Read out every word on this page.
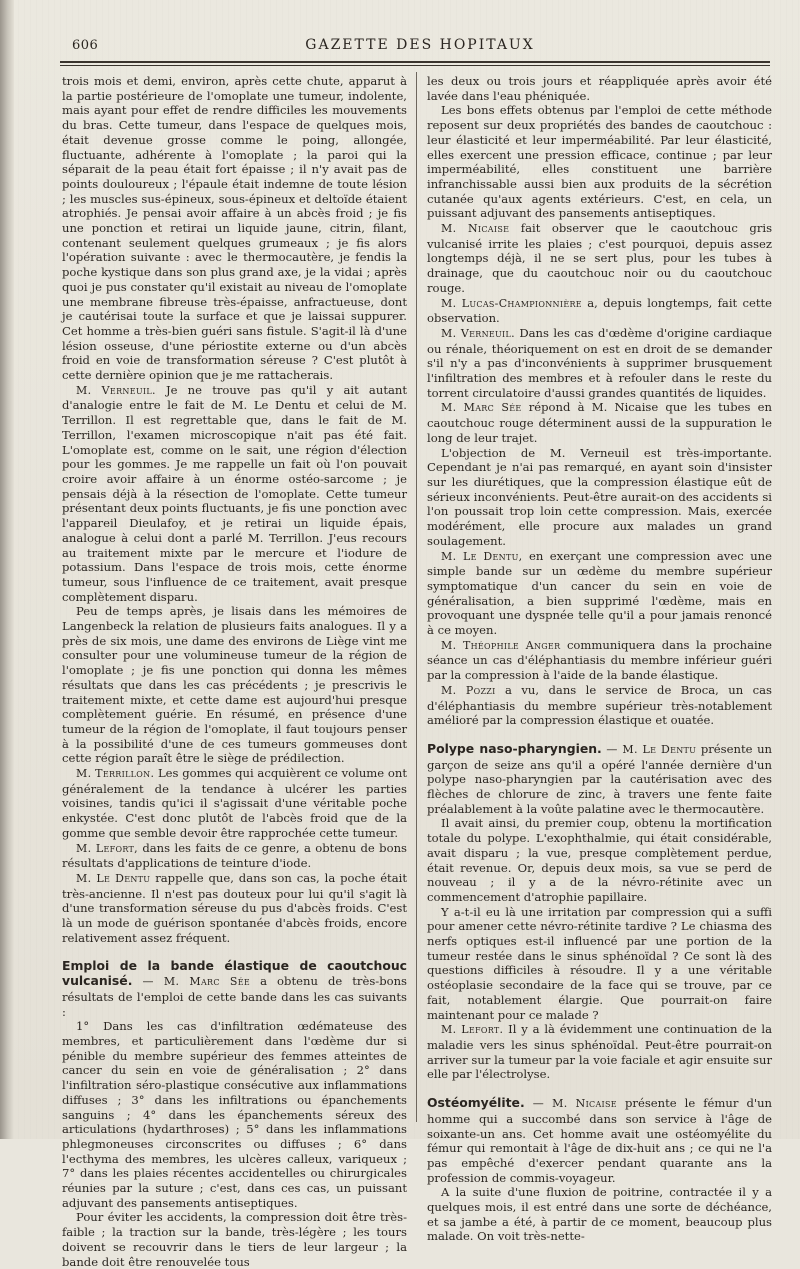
606	GAZETTE DES HOPITAUX

trois mois et demi, environ, après cette chute, apparut à la partie postérieure de l'omoplate une tumeur, indolente, mais ayant pour effet de rendre difficiles les mouvements du bras. Cette tumeur, dans l'espace de quelques mois, était devenue grosse comme le poing, allongée, fluctuante, adhérente à l'omoplate ; la paroi qui la séparait de la peau était fort épaisse ; il n'y avait pas de points douloureux ; l'épaule était indemne de toute lésion ; les muscles sus-épineux, sous-épineux et deltoïde étaient atrophiés. Je pensai avoir affaire à un abcès froid ; je fis une ponction et retirai un liquide jaune, citrin, filant, contenant seulement quelques grumeaux ; je fis alors l'opération suivante : avec le thermocautère, je fendis la poche kystique dans son plus grand axe, je la vidai ; après quoi je pus constater qu'il existait au niveau de l'omoplate une membrane fibreuse très-épaisse, anfractueuse, dont je cautérisai toute la surface et que je laissai suppurer. Cet homme a très-bien guéri sans fistule. S'agit-il là d'une lésion osseuse, d'une périostite externe ou d'un abcès froid en voie de transformation séreuse ? C'est plutôt à cette dernière opinion que je me rattacherais.

M. Verneuil. Je ne trouve pas qu'il y ait autant d'analogie entre le fait de M. Le Dentu et celui de M. Terrillon. Il est regrettable que, dans le fait de M. Terrillon, l'examen microscopique n'ait pas été fait. L'omoplate est, comme on le sait, une région d'élection pour les gommes. Je me rappelle un fait où l'on pouvait croire avoir affaire à un énorme ostéo-sarcome ; je pensais déjà à la résection de l'omoplate. Cette tumeur présentant deux points fluctuants, je fis une ponction avec l'appareil Dieulafoy, et je retirai un liquide épais, analogue à celui dont a parlé M. Terrillon. J'eus recours au traitement mixte par le mercure et l'iodure de potassium. Dans l'espace de trois mois, cette énorme tumeur, sous l'influence de ce traitement, avait presque complètement disparu.

Peu de temps après, je lisais dans les mémoires de Langenbeck la relation de plusieurs faits analogues. Il y a près de six mois, une dame des environs de Liège vint me consulter pour une volumineuse tumeur de la région de l'omoplate ; je fis une ponction qui donna les mêmes résultats que dans les cas précédents ; je prescrivis le traitement mixte, et cette dame est aujourd'hui presque complètement guérie. En résumé, en présence d'une tumeur de la région de l'omoplate, il faut toujours penser à la possibilité d'une de ces tumeurs gommeuses dont cette région paraît être le siège de prédilection.

M. Terrillon. Les gommes qui acquièrent ce volume ont généralement de la tendance à ulcérer les parties voisines, tandis qu'ici il s'agissait d'une véritable poche enkystée. C'est donc plutôt de l'abcès froid que de la gomme que semble devoir être rapprochée cette tumeur.

M. Lefort, dans les faits de ce genre, a obtenu de bons résultats d'applications de teinture d'iode.

M. Le Dentu rappelle que, dans son cas, la poche était très-ancienne. Il n'est pas douteux pour lui qu'il s'agit là d'une transformation séreuse du pus d'abcès froids. C'est là un mode de guérison spontanée d'abcès froids, encore relativement assez fréquent.

Emploi de la bande élastique de caoutchouc vulcanisé. — M. Marc Sée a obtenu de très-bons résultats de l'emploi de cette bande dans les cas suivants :

1° Dans les cas d'infiltration œdémateuse des membres, et particulièrement dans l'œdème dur si pénible du membre supérieur des femmes atteintes de cancer du sein en voie de généralisation ; 2° dans l'infiltration séro-plastique consécutive aux inflammations diffuses ; 3° dans les infiltrations ou épanchements sanguins ; 4° dans les épanchements séreux des articulations (hydarthroses) ; 5° dans les inflammations phlegmoneuses circonscrites ou diffuses ; 6° dans l'ecthyma des membres, les ulcères calleux, variqueux ; 7° dans les plaies récentes accidentelles ou chirurgicales réunies par la suture ; c'est, dans ces cas, un puissant adjuvant des pansements antiseptiques.

Pour éviter les accidents, la compression doit être très-faible ; la traction sur la bande, très-légère ; les tours doivent se recouvrir dans le tiers de leur largeur ; la bande doit être renouvelée tous

les deux ou trois jours et réappliquée après avoir été lavée dans l'eau phéniquée.

Les bons effets obtenus par l'emploi de cette méthode reposent sur deux propriétés des bandes de caoutchouc : leur élasticité et leur imperméabilité. Par leur élasticité, elles exercent une pression efficace, continue ; par leur imperméabilité, elles constituent une barrière infranchissable aussi bien aux produits de la sécrétion cutanée qu'aux agents extérieurs. C'est, en cela, un puissant adjuvant des pansements antiseptiques.

M. Nicaise fait observer que le caoutchouc gris vulcanisé irrite les plaies ; c'est pourquoi, depuis assez longtemps déjà, il ne se sert plus, pour les tubes à drainage, que du caoutchouc noir ou du caoutchouc rouge.

M. Lucas-Championnière a, depuis longtemps, fait cette observation.

M. Verneuil. Dans les cas d'œdème d'origine cardiaque ou rénale, théoriquement on est en droit de se demander s'il n'y a pas d'inconvénients à supprimer brusquement l'infiltration des membres et à refouler dans le reste du torrent circulatoire d'aussi grandes quantités de liquides.

M. Marc Sée répond à M. Nicaise que les tubes en caoutchouc rouge déterminent aussi de la suppuration le long de leur trajet.

L'objection de M. Verneuil est très-importante. Cependant je n'ai pas remarqué, en ayant soin d'insister sur les diurétiques, que la compression élastique eût de sérieux inconvénients. Peut-être aurait-on des accidents si l'on poussait trop loin cette compression. Mais, exercée modérément, elle procure aux malades un grand soulagement.

M. Le Dentu, en exerçant une compression avec une simple bande sur un œdème du membre supérieur symptomatique d'un cancer du sein en voie de généralisation, a bien supprimé l'œdème, mais en provoquant une dyspnée telle qu'il a pour jamais renoncé à ce moyen.

M. Théophile Anger communiquera dans la prochaine séance un cas d'éléphantiasis du membre inférieur guéri par la compression à l'aide de la bande élastique.

M. Pozzi a vu, dans le service de Broca, un cas d'éléphantiasis du membre supérieur très-notablement amélioré par la compression élastique et ouatée.

Polype naso-pharyngien. — M. Le Dentu présente un garçon de seize ans qu'il a opéré l'année dernière d'un polype naso-pharyngien par la cautérisation avec des flèches de chlorure de zinc, à travers une fente faite préalablement à la voûte palatine avec le thermocautère.

Il avait ainsi, du premier coup, obtenu la mortification totale du polype. L'exophthalmie, qui était considérable, avait disparu ; la vue, presque complètement perdue, était revenue. Or, depuis deux mois, sa vue se perd de nouveau ; il y a de la névro-rétinite avec un commencement d'atrophie papillaire.

Y a-t-il eu là une irritation par compression qui a suffi pour amener cette névro-rétinite tardive ? Le chiasma des nerfs optiques est-il influencé par une portion de la tumeur restée dans le sinus sphénoïdal ? Ce sont là des questions difficiles à résoudre. Il y a une véritable ostéoplasie secondaire de la face qui se trouve, par ce fait, notablement élargie. Que pourrait-on faire maintenant pour ce malade ?

M. Lefort. Il y a là évidemment une continuation de la maladie vers les sinus sphénoïdal. Peut-être pourrait-on arriver sur la tumeur par la voie faciale et agir ensuite sur elle par l'électrolyse.

Ostéomyélite. — M. Nicaise présente le fémur d'un homme qui a succombé dans son service à l'âge de soixante-un ans. Cet homme avait une ostéomyélite du fémur qui remontait à l'âge de dix-huit ans ; ce qui ne l'a pas empêché d'exercer pendant quarante ans la profession de commis-voyageur.

A la suite d'une fluxion de poitrine, contractée il y a quelques mois, il est entré dans une sorte de déchéance, et sa jambe a été, à partir de ce moment, beaucoup plus malade. On voit très-nette-
